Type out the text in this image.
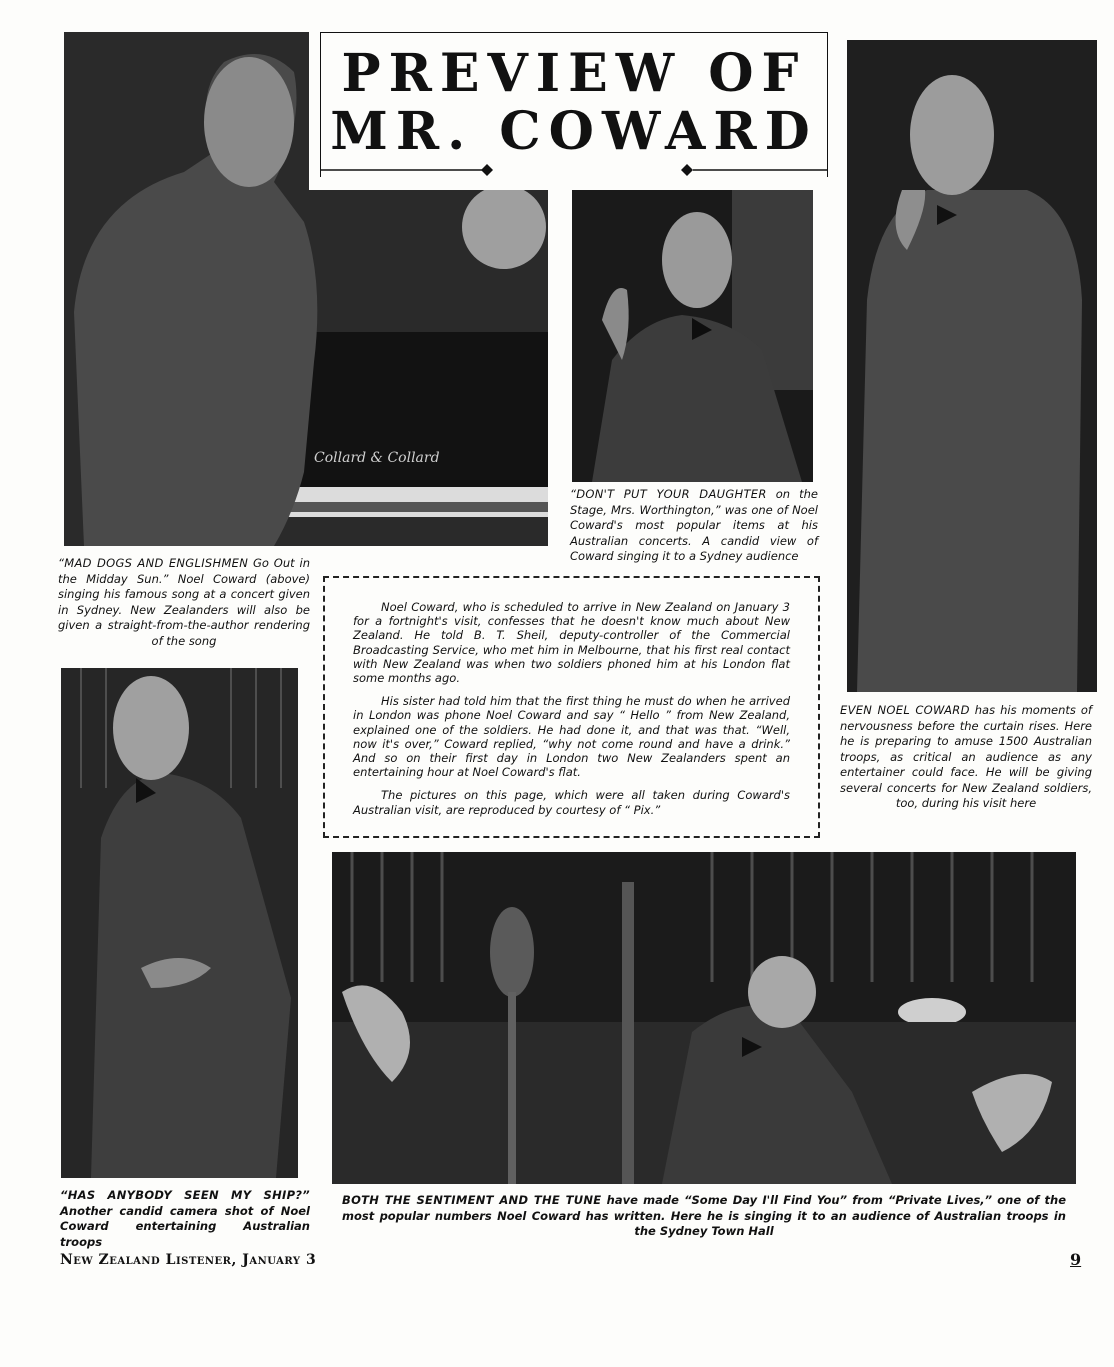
Collard & Collard

PREVIEW OF

MR. COWARD

“MAD DOGS AND ENGLISHMEN Go Out in the Midday Sun.” Noel Coward (above) singing his famous song at a concert given in Sydney. New Zealanders will also be given a straight-from-the-author rendering of the song
“DON'T PUT YOUR DAUGHTER on the Stage, Mrs. Worthington,” was one of Noel Coward's most popular items at his Australian concerts. A candid view of Coward singing it to a Sydney audience

Noel Coward, who is scheduled to arrive in New Zealand on January 3 for a fortnight's visit, confesses that he doesn't know much about New Zealand. He told B. T. Sheil, deputy-controller of the Commercial Broadcasting Service, who met him in Melbourne, that his first real contact with New Zealand was when two soldiers phoned him at his London flat some months ago.

His sister had told him that the first thing he must do when he arrived in London was phone Noel Coward and say “ Hello ” from New Zealand, explained one of the soldiers. He had done it, and that was that. “Well, now it's over,” Coward replied, “why not come round and have a drink.” And so on their first day in London two New Zealanders spent an entertaining hour at Noel Coward's flat.

The pictures on this page, which were all taken during Coward's Australian visit, are reproduced by courtesy of “ Pix.”

EVEN NOEL COWARD has his moments of nervousness before the curtain rises. Here he is preparing to amuse 1500 Australian troops, as critical an audience as any entertainer could face. He will be giving several concerts for New Zealand soldiers, too, during his visit here
“HAS ANYBODY SEEN MY SHIP?” Another candid camera shot of Noel Coward entertaining Australian troops
BOTH THE SENTIMENT AND THE TUNE have made “Some Day I'll Find You” from “Private Lives,” one of the most popular numbers Noel Coward has written. Here he is singing it to an audience of Australian troops in the Sydney Town Hall
New Zealand Listener, January 3	9
